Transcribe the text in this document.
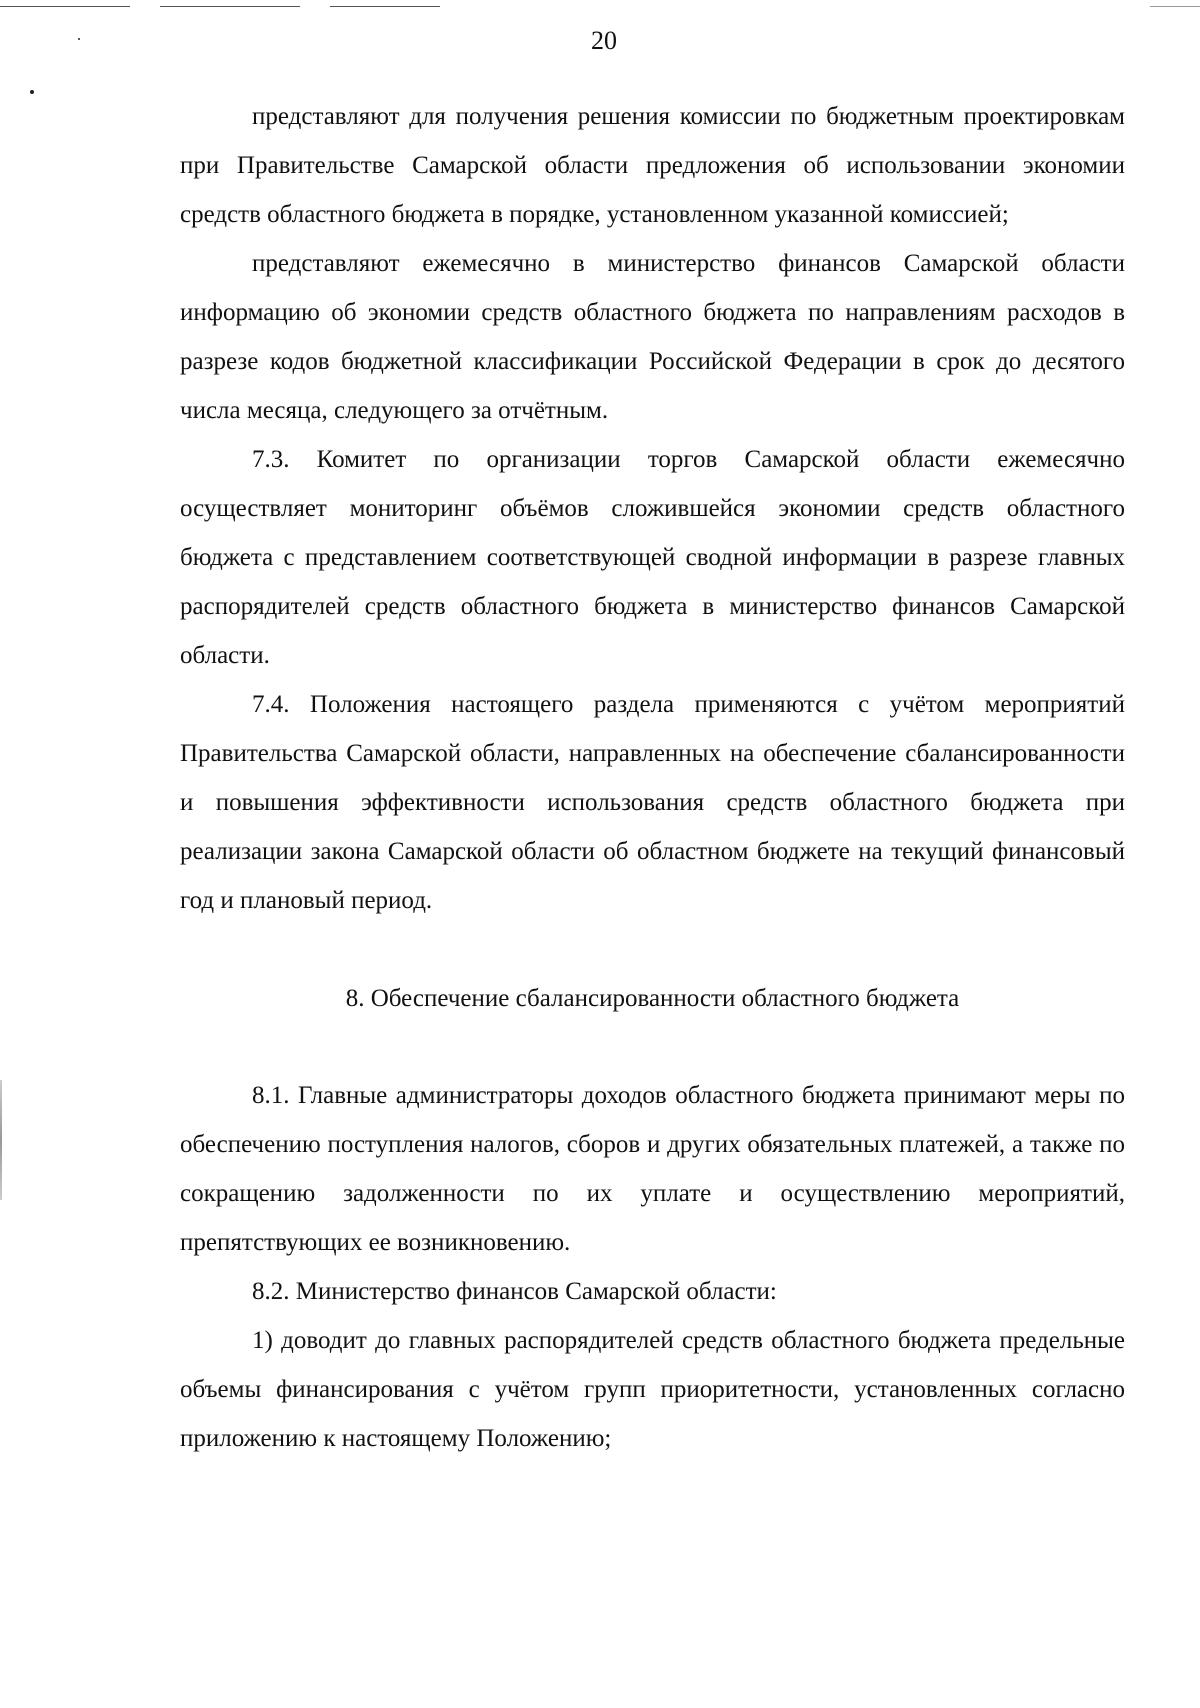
20

представляют для получения решения комиссии по бюджетным проектировкам при Правительстве Самарской области предложения об использовании экономии средств областного бюджета в порядке, установленном указанной комиссией;

представляют ежемесячно в министерство финансов Самарской области информацию об экономии средств областного бюджета по направлениям расходов в разрезе кодов бюджетной классификации Российской Федерации в срок до десятого числа месяца, следующего за отчётным.

7.3. Комитет по организации торгов Самарской области ежемесячно осуществляет мониторинг объёмов сложившейся экономии средств областного бюджета с представлением соответствующей сводной информации в разрезе главных распорядителей средств областного бюджета в министерство финансов Самарской области.

7.4. Положения настоящего раздела применяются с учётом мероприятий Правительства Самарской области, направленных на обеспечение сбалансированности и повышения эффективности использования средств областного бюджета при реализации закона Самарской области об областном бюджете на текущий финансовый год и плановый период.

8. Обеспечение сбалансированности областного бюджета

8.1. Главные администраторы доходов областного бюджета принимают меры по обеспечению поступления налогов, сборов и других обязательных платежей, а также по сокращению задолженности по их уплате и осуществлению мероприятий, препятствующих ее возникновению.

8.2. Министерство финансов Самарской области:

1) доводит до главных распорядителей средств областного бюджета предельные объемы финансирования с учётом групп приоритетности, установленных согласно приложению к настоящему Положению;
